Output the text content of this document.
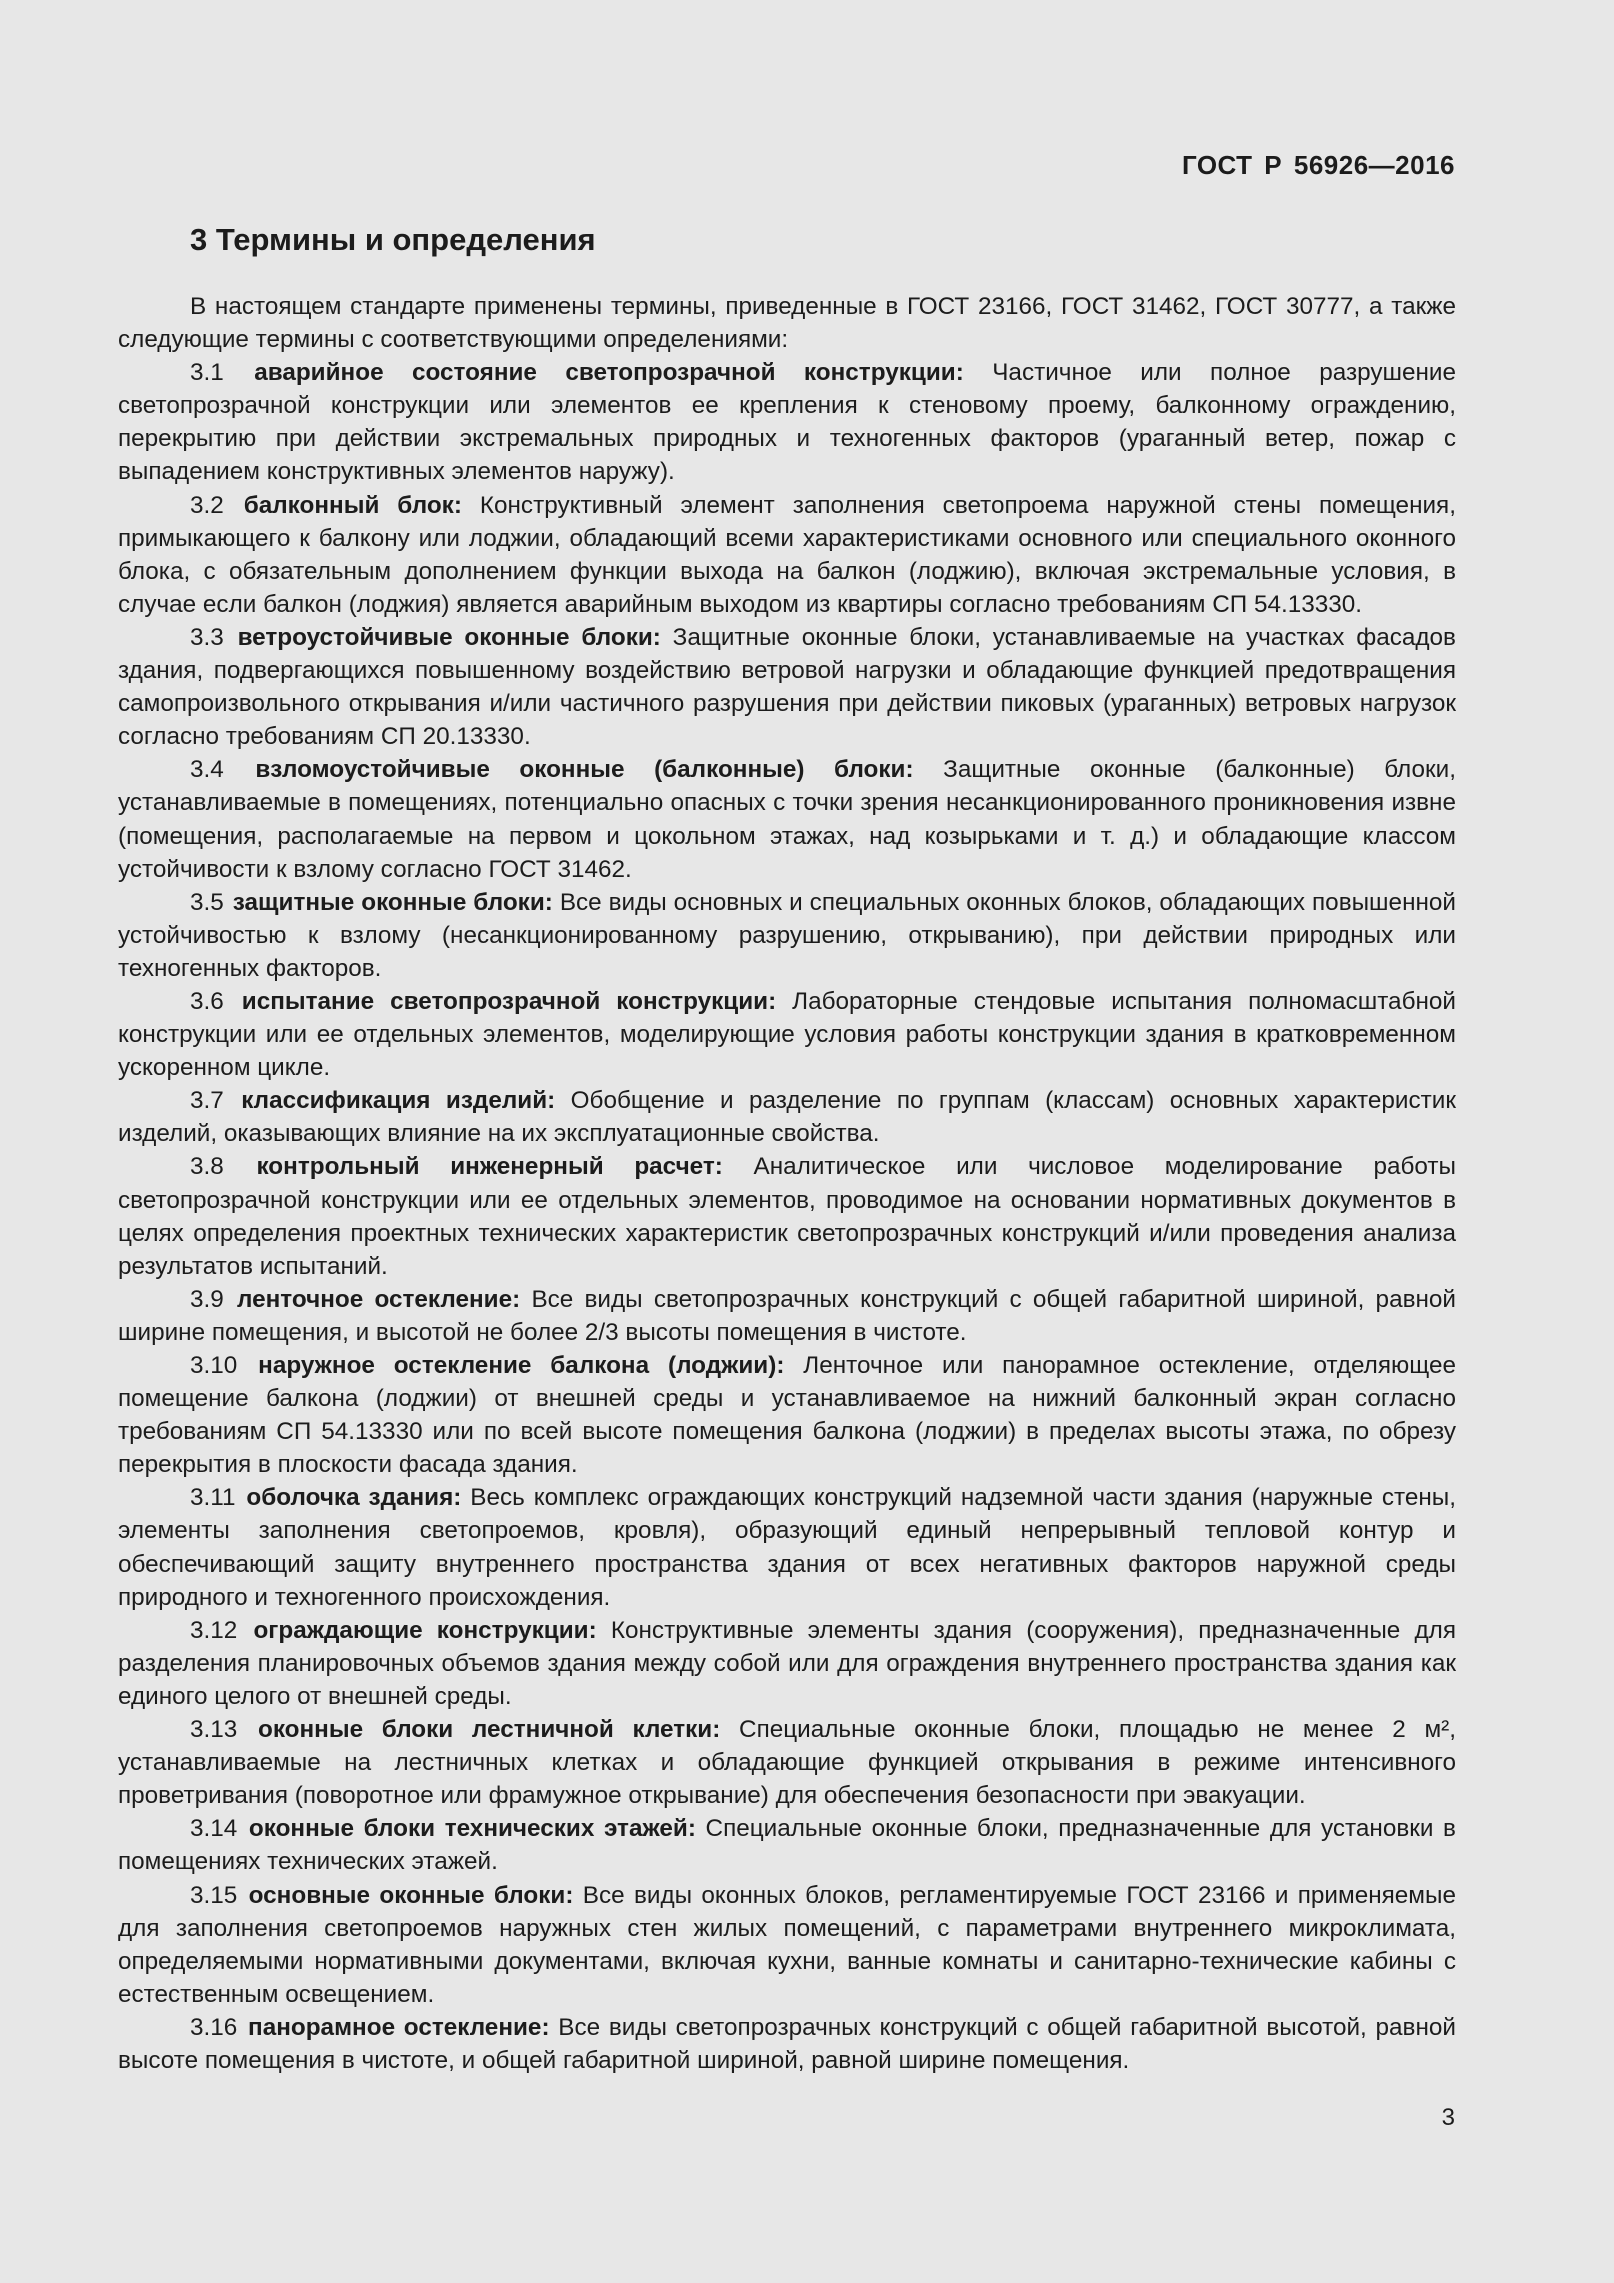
ГОСТ Р 56926—2016
3 Термины и определения

В настоящем стандарте применены термины, приведенные в ГОСТ 23166, ГОСТ 31462, ГОСТ 30777, а также следующие термины с соответствующими определениями:

3.1 аварийное состояние светопрозрачной конструкции: Частичное или полное разрушение светопрозрачной конструкции или элементов ее крепления к стеновому проему, балконному ограждению, перекрытию при действии экстремальных природных и техногенных факторов (ураганный ветер, пожар с выпадением конструктивных элементов наружу).

3.2 балконный блок: Конструктивный элемент заполнения светопроема наружной стены помещения, примыкающего к балкону или лоджии, обладающий всеми характеристиками основного или специального оконного блока, с обязательным дополнением функции выхода на балкон (лоджию), включая экстремальные условия, в случае если балкон (лоджия) является аварийным выходом из квартиры согласно требованиям СП 54.13330.

3.3 ветроустойчивые оконные блоки: Защитные оконные блоки, устанавливаемые на участках фасадов здания, подвергающихся повышенному воздействию ветровой нагрузки и обладающие функцией предотвращения самопроизвольного открывания и/или частичного разрушения при действии пиковых (ураганных) ветровых нагрузок согласно требованиям СП 20.13330.

3.4 взломоустойчивые оконные (балконные) блоки: Защитные оконные (балконные) блоки, устанавливаемые в помещениях, потенциально опасных с точки зрения несанкционированного проникновения извне (помещения, располагаемые на первом и цокольном этажах, над козырьками и т. д.) и обладающие классом устойчивости к взлому согласно ГОСТ 31462.

3.5 защитные оконные блоки: Все виды основных и специальных оконных блоков, обладающих повышенной устойчивостью к взлому (несанкционированному разрушению, открыванию), при действии природных или техногенных факторов.

3.6 испытание светопрозрачной конструкции: Лабораторные стендовые испытания полномасштабной конструкции или ее отдельных элементов, моделирующие условия работы конструкции здания в кратковременном ускоренном цикле.

3.7 классификация изделий: Обобщение и разделение по группам (классам) основных характеристик изделий, оказывающих влияние на их эксплуатационные свойства.

3.8 контрольный инженерный расчет: Аналитическое или числовое моделирование работы светопрозрачной конструкции или ее отдельных элементов, проводимое на основании нормативных документов в целях определения проектных технических характеристик светопрозрачных конструкций и/или проведения анализа результатов испытаний.

3.9 ленточное остекление: Все виды светопрозрачных конструкций с общей габаритной шириной, равной ширине помещения, и высотой не более 2/3 высоты помещения в чистоте.

3.10 наружное остекление балкона (лоджии): Ленточное или панорамное остекление, отделяющее помещение балкона (лоджии) от внешней среды и устанавливаемое на нижний балконный экран согласно требованиям СП 54.13330 или по всей высоте помещения балкона (лоджии) в пределах высоты этажа, по обрезу перекрытия в плоскости фасада здания.

3.11 оболочка здания: Весь комплекс ограждающих конструкций надземной части здания (наружные стены, элементы заполнения светопроемов, кровля), образующий единый непрерывный тепловой контур и обеспечивающий защиту внутреннего пространства здания от всех негативных факторов наружной среды природного и техногенного происхождения.

3.12 ограждающие конструкции: Конструктивные элементы здания (сооружения), предназначенные для разделения планировочных объемов здания между собой или для ограждения внутреннего пространства здания как единого целого от внешней среды.

3.13 оконные блоки лестничной клетки: Специальные оконные блоки, площадью не менее 2 м², устанавливаемые на лестничных клетках и обладающие функцией открывания в режиме интенсивного проветривания (поворотное или фрамужное открывание) для обеспечения безопасности при эвакуации.

3.14 оконные блоки технических этажей: Специальные оконные блоки, предназначенные для установки в помещениях технических этажей.

3.15 основные оконные блоки: Все виды оконных блоков, регламентируемые ГОСТ 23166 и применяемые для заполнения светопроемов наружных стен жилых помещений, с параметрами внутреннего микроклимата, определяемыми нормативными документами, включая кухни, ванные комнаты и санитарно-технические кабины с естественным освещением.

3.16 панорамное остекление: Все виды светопрозрачных конструкций с общей габаритной высотой, равной высоте помещения в чистоте, и общей габаритной шириной, равной ширине помещения.

3
